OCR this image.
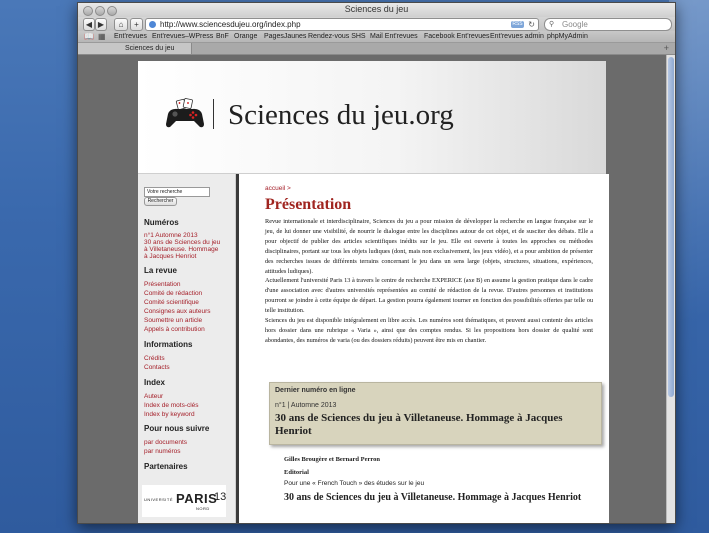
Sciences du jeu
◀ ▶	⌂	+	http://www.sciencesdujeu.org/index.php	RSS ↻ ⚲ Google
📖 ▦ Ent'revues Ent'revues–WPress BnF Orange PagesJaunes Rendez-vous SHS Mail Ent'revues Facebook Ent'revues Ent'revues admin phpMyAdmin
Sciences du jeu	+
Sciences du jeu.org
Votre recherche
Rechercher
Numéros
n°1 Automne 2013
30 ans de Sciences du jeu
à Villetaneuse. Hommage
à Jacques Henriot
La revue
Présentation
Comité de rédaction
Comité scientifique
Consignes aux auteurs
Soumettre un article
Appels à contribution
Informations
Crédits
Contacts
Index
Auteur
Index de mots-clés
Index by keyword
Pour nous suivre
par documents
par numéros
Partenaires
UNIVERSITÉ PARIS
13
NORD
accueil >
Présentation

Revue internationale et interdisciplinaire, Sciences du jeu a pour mission de développer la recherche en langue française sur le jeu, de lui donner une visibilité, de nourrir le dialogue entre les disciplines autour de cet objet, et de susciter des débats. Elle a pour objectif de publier des articles scientifiques inédits sur le jeu. Elle est ouverte à toutes les approches ou méthodes disciplinaires, portant sur tous les objets ludiques (dont, mais non exclusivement, les jeux vidéo), et a pour ambition de présenter des recherches issues de différents terrains concernant le jeu dans un sens large (objets, structures, situations, expériences, attitudes ludiques).

Actuellement l'université Paris 13 à travers le centre de recherche EXPERICE (axe B) en assume la gestion pratique dans le cadre d'une association avec d'autres universités représentées au comité de rédaction de la revue. D'autres personnes et institutions pourront se joindre à cette équipe de départ. La gestion pourra également tourner en fonction des possibilités offertes par telle ou telle institution.

Sciences du jeu est disponible intégralement en libre accès. Les numéros sont thématiques, et peuvent aussi contenir des articles hors dossier dans une rubrique « Varia », ainsi que des comptes rendus. Si les propositions hors dossier de qualité sont abondantes, des numéros de varia (ou des dossiers réduits) peuvent être mis en chantier.

Dernier numéro en ligne
n°1 | Automne 2013
30 ans de Sciences du jeu à Villetaneuse. Hommage à Jacques Henriot
Gilles Brougère et Bernard Perron
Editorial
Pour une « French Touch » des études sur le jeu
30 ans de Sciences du jeu à Villetaneuse. Hommage à Jacques Henriot
